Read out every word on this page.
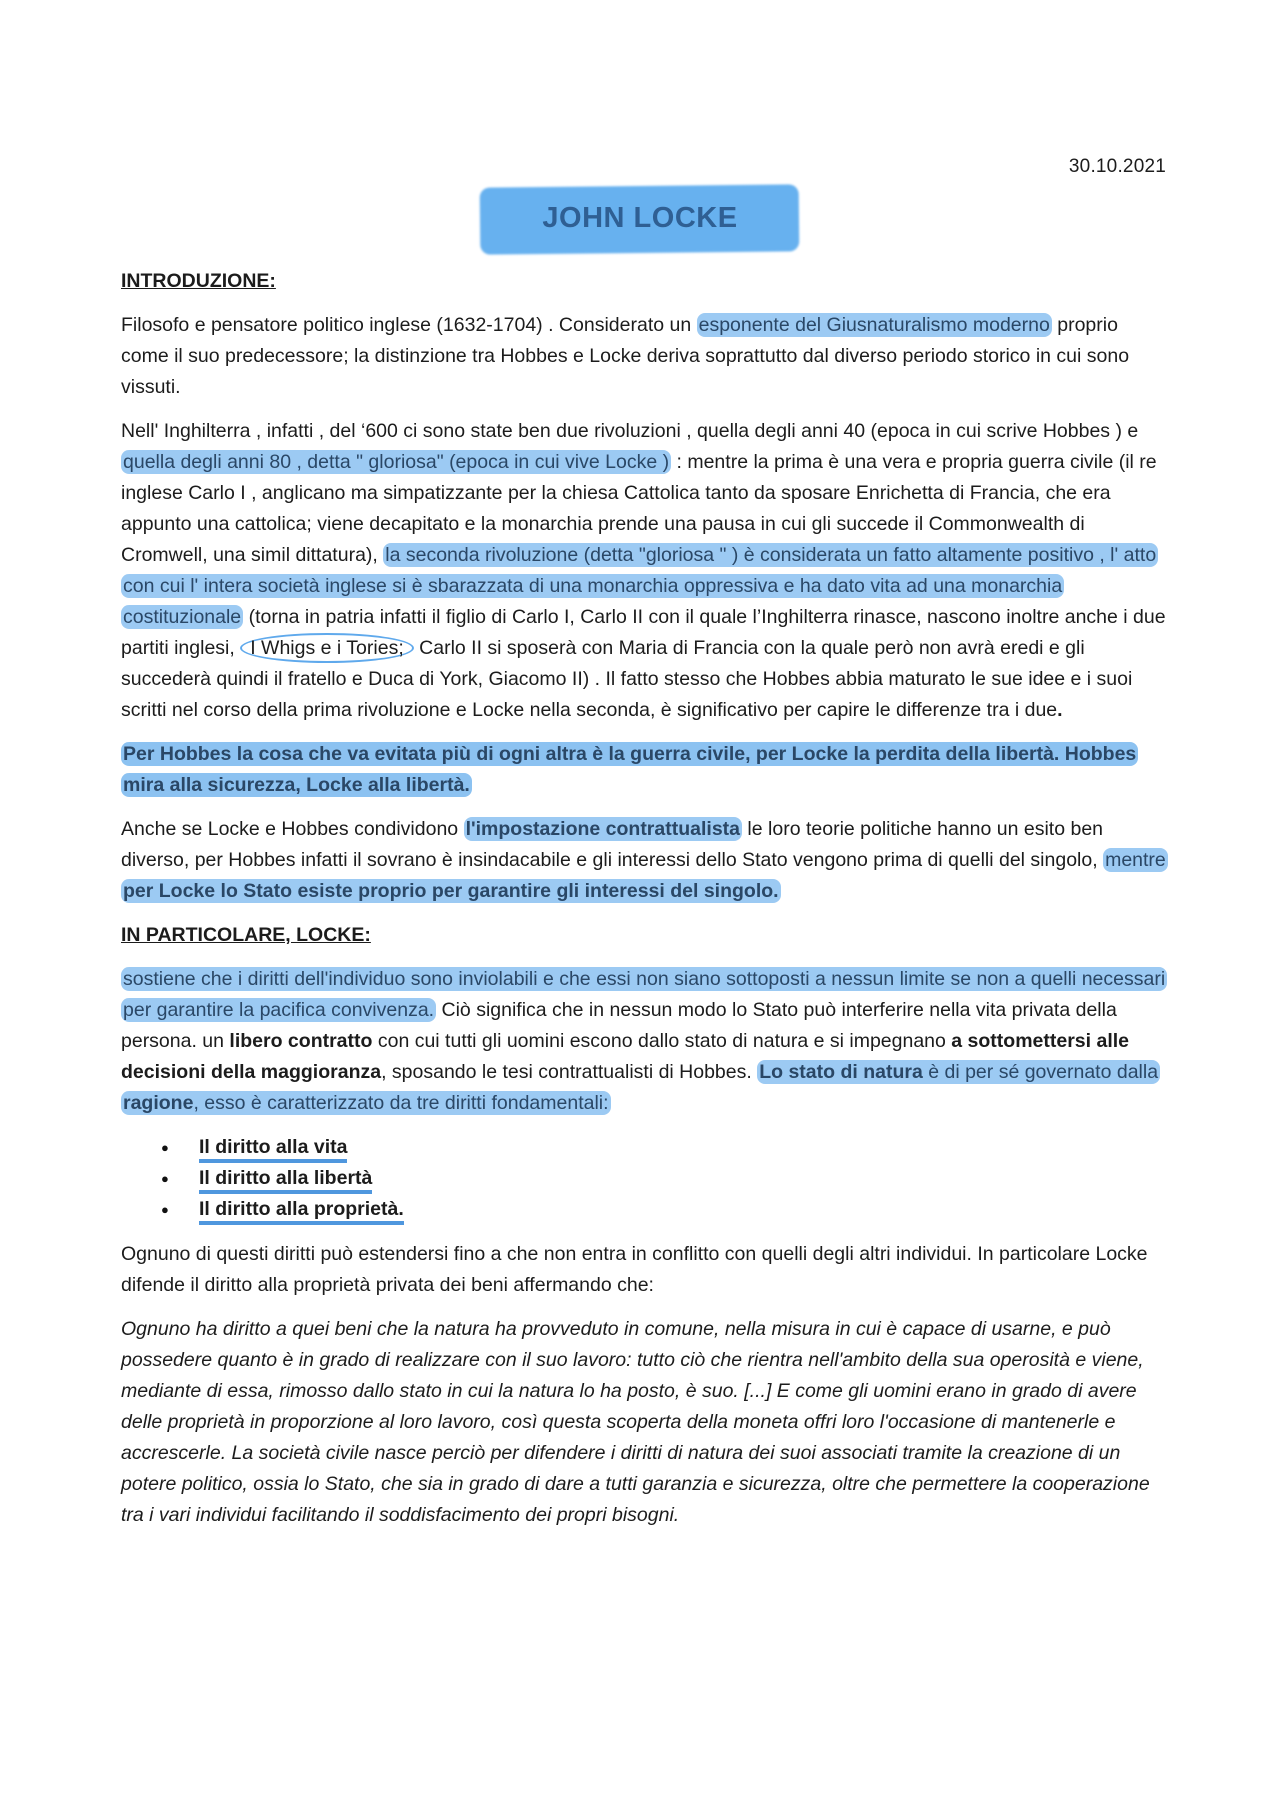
30.10.2021
JOHN LOCKE
INTRODUZIONE:

Filosofo e pensatore politico inglese (1632-1704) . Considerato un esponente del Giusnaturalismo moderno proprio come il suo predecessore; la distinzione tra Hobbes e Locke deriva soprattutto dal diverso periodo storico in cui sono vissuti.

Nell' Inghilterra , infatti , del ‘600 ci sono state ben due rivoluzioni , quella degli anni 40 (epoca in cui scrive Hobbes ) e quella degli anni 80 , detta " gloriosa" (epoca in cui vive Locke ) : mentre la prima è una vera e propria guerra civile (il re inglese Carlo I , anglicano ma simpatizzante per la chiesa Cattolica tanto da sposare Enrichetta di Francia, che era appunto una cattolica; viene decapitato e la monarchia prende una pausa in cui gli succede il Commonwealth di Cromwell, una simil dittatura), la seconda rivoluzione (detta "gloriosa " ) è considerata un fatto altamente positivo , l' atto con cui l' intera società inglese si è sbarazzata di una monarchia oppressiva e ha dato vita ad una monarchia costituzionale (torna in patria infatti il figlio di Carlo I, Carlo II con il quale l’Inghilterra rinasce, nascono inoltre anche i due partiti inglesi, I Whigs e i Tories; Carlo II si sposerà con Maria di Francia con la quale però non avrà eredi e gli succederà quindi il fratello e Duca di York, Giacomo II) . Il fatto stesso che Hobbes abbia maturato le sue idee e i suoi scritti nel corso della prima rivoluzione e Locke nella seconda, è significativo per capire le differenze tra i due.

Per Hobbes la cosa che va evitata più di ogni altra è la guerra civile, per Locke la perdita della libertà. Hobbes mira alla sicurezza, Locke alla libertà.

Anche se Locke e Hobbes condividono l'impostazione contrattualista le loro teorie politiche hanno un esito ben diverso, per Hobbes infatti il sovrano è insindacabile e gli interessi dello Stato vengono prima di quelli del singolo, mentre per Locke lo Stato esiste proprio per garantire gli interessi del singolo.

IN PARTICOLARE, LOCKE:

sostiene che i diritti dell'individuo sono inviolabili e che essi non siano sottoposti a nessun limite se non a quelli necessari per garantire la pacifica convivenza. Ciò significa che in nessun modo lo Stato può interferire nella vita privata della persona. un libero contratto con cui tutti gli uomini escono dallo stato di natura e si impegnano a sottomettersi alle decisioni della maggioranza, sposando le tesi contrattualisti di Hobbes. Lo stato di natura è di per sé governato dalla ragione, esso è caratterizzato da tre diritti fondamentali:

● Il diritto alla vita
● Il diritto alla libertà
● Il diritto alla proprietà.

Ognuno di questi diritti può estendersi fino a che non entra in conflitto con quelli degli altri individui. In particolare Locke difende il diritto alla proprietà privata dei beni affermando che:

Ognuno ha diritto a quei beni che la natura ha provveduto in comune, nella misura in cui è capace di usarne, e può possedere quanto è in grado di realizzare con il suo lavoro: tutto ciò che rientra nell'ambito della sua operosità e viene, mediante di essa, rimosso dallo stato in cui la natura lo ha posto, è suo. [...] E come gli uomini erano in grado di avere delle proprietà in proporzione al loro lavoro, così questa scoperta della moneta offri loro l'occasione di mantenerle e accrescerle. La società civile nasce perciò per difendere i diritti di natura dei suoi associati tramite la creazione di un potere politico, ossia lo Stato, che sia in grado di dare a tutti garanzia e sicurezza, oltre che permettere la cooperazione tra i vari individui facilitando il soddisfacimento dei propri bisogni.
